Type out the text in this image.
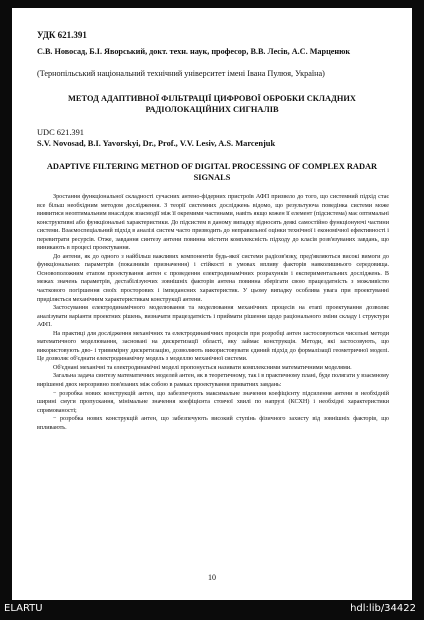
УДК 621.391
С.В. Новосад, Б.І. Яворський, докт. техн. наук, професор, В.В. Лесів, А.С. Марценюк
(Тернопільський національний технічний університет імені Івана Пулюя, Україна)
МЕТОД АДАПТИВНОЇ ФІЛЬТРАЦІЇ ЦИФРОВОЇ ОБРОБКИ СКЛАДНИХ РАДІОЛОКАЦІЙНИХ СИГНАЛІВ
UDC 621.391
S.V. Novosad, B.I. Yavorskyi, Dr., Prof., V.V. Lesiv, A.S. Marcenjuk
ADAPTIVE FILTERING METHOD OF DIGITAL PROCESSING OF COMPLEX RADAR SIGNALS

Зростання функціональної складності сучасних антено-фідерних пристроїв АФП призвело до того, що системний підхід стає все більш необхідним методом дослідження. З теорії системних досліджень відомо, що результуюча поведінка системи може виявитися неоптимальним внаслідок взаємодії між її окремими частинами, навіть якщо кожен її елемент (підсистема) має оптимальні конструктивні або функціональні характеристики. До підсистем в даному випадку відносять деякі самостійно функціонуючі частини системи. Взаємоспеціальний підхід в аналізі систем часто призводить до неправильної оцінки технічної і економічної ефективності і перевитрати ресурсів. Отже, завдання синтезу антени повинна містити комплексність підходу до класів розв'язуваних завдань, що виникають в процесі проектування.

До антени, як до одного з найбільш важливих компонентів будь-якої системи радіозв'язку, пред'являються високі вимоги до функціональних параметрів (показників призначення) і стійкості в умовах впливу факторів навколишнього середовища. Основоположним етапом проектування антен є проведення електродинамічних розрахунків і експериментальних досліджень. В межах значень параметрів, дестабілізуючих зовнішніх факторів антена повинна зберігати свою працездатність з можливістю часткового погіршення своїх просторових і імпедансних характеристик. У цьому випадку особлива увага при проектуванні приділяється механічним характеристикам конструкції антени.

Застосування електродинамічного моделювання та моделювання механічних процесів на етапі проектування дозволяє аналізувати варіанти проектних рішень, визначати працездатність і приймати рішення щодо раціонального зміни складу і структури АФП.

На практиці для дослідження механічних та електродинамічних процесів при розробці антен застосовуються чисельні методи математичного моделювання, засновані на дискретизації області, яку займає конструкція. Методи, які застосовують, що використовують дво- і тривимірну дискретизацію, дозволяють використовувати єдиний підхід до формалізації геометричної моделі. Це дозволяє об'єднати електродинамічну модель з моделлю механічної системи.

Об'єднані механічні та електродинамічні моделі пропонується називати комплексними математичними моделями.

Загальна задача синтезу математичних моделей антен, як в теоретичному, так і в практичному плані, буде полягати у взаємному вирішенні двох нерозривно пов'язаних між собою в рамках проектування приватних завдань:

− розробка нових конструкцій антен, що забезпечують максимальне значення коефіцієнту підсилення антени в необхідній ширині смуги пропускання, мінімальне значення коефіцієнта стоячої хвилі по напрузі (КСХН) і необхідні характеристики спрямованості;

− розробка нових конструкцій антен, що забезпечують високий ступінь фізичного захисту від зовнішніх факторів, що впливають.

10
ELARTU	hdl:lib/34422
